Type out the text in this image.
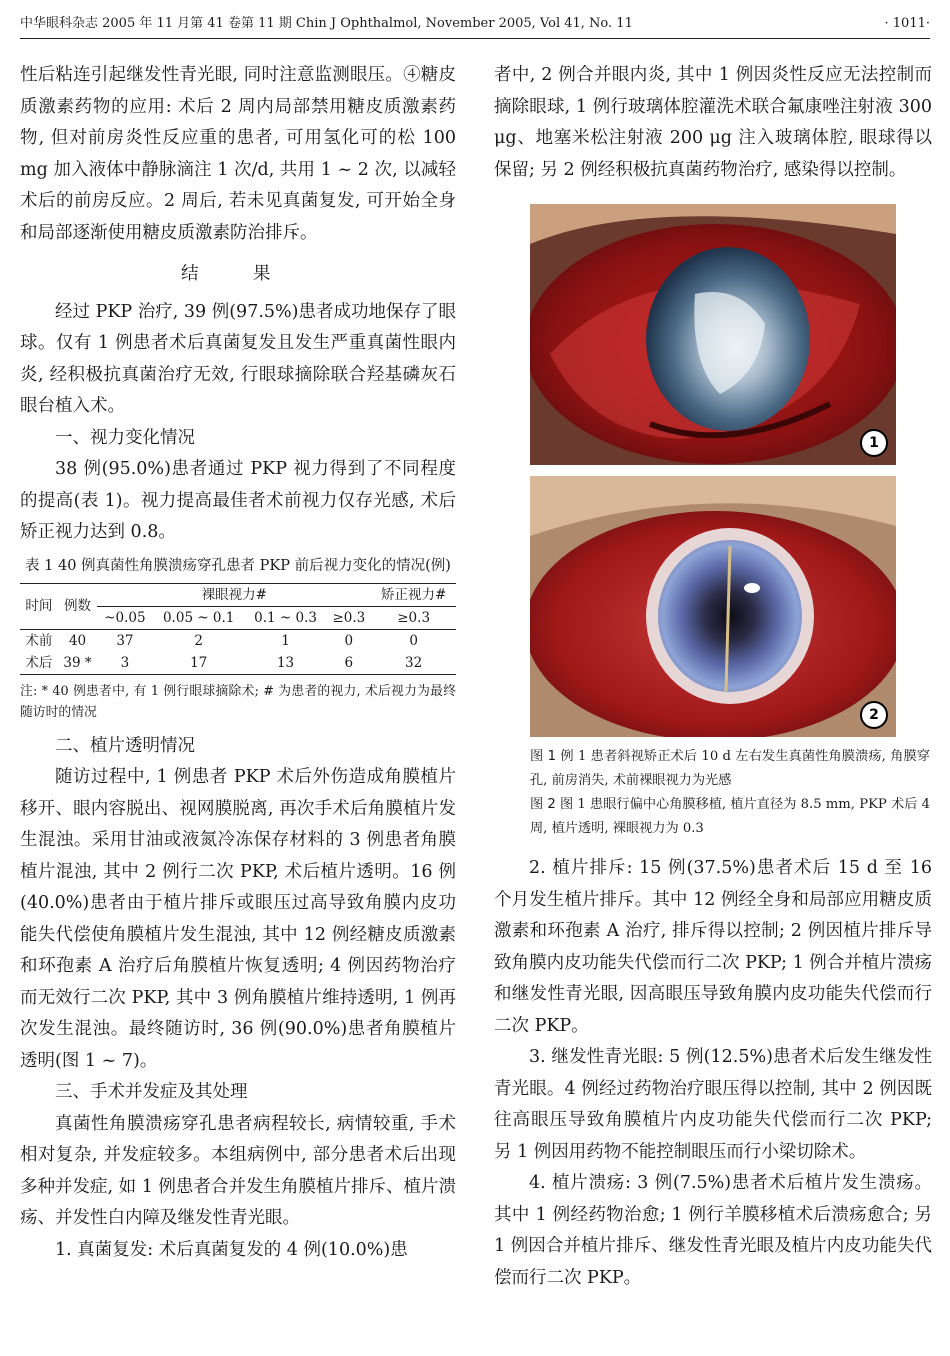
中华眼科杂志 2005 年 11 月第 41 卷第 11 期 Chin J Ophthalmol, November 2005, Vol 41, No. 11	· 1011·

性后粘连引起继发性青光眼, 同时注意监测眼压。④糖皮质激素药物的应用: 术后 2 周内局部禁用糖皮质激素药物, 但对前房炎性反应重的患者, 可用氢化可的松 100 mg 加入液体中静脉滴注 1 次/d, 共用 1 ~ 2 次, 以减轻术后的前房反应。2 周后, 若未见真菌复发, 可开始全身和局部逐渐使用糖皮质激素防治排斥。

结 果

经过 PKP 治疗, 39 例(97.5%)患者成功地保存了眼球。仅有 1 例患者术后真菌复发且发生严重真菌性眼内炎, 经积极抗真菌治疗无效, 行眼球摘除联合羟基磷灰石眼台植入术。

一、视力变化情况

38 例(95.0%)患者通过 PKP 视力得到了不同程度的提高(表 1)。视力提高最佳者术前视力仅存光感, 术后矫正视力达到 0.8。

表 1 40 例真菌性角膜溃疡穿孔患者 PKP 前后视力变化的情况(例)

时间	例数	裸眼视力#				矫正视力#
		~0.05	0.05 ~ 0.1	0.1 ~ 0.3	≥0.3	≥0.3
术前	40	37	2	1	0	0
术后	39 *	3	17	13	6	32

注: * 40 例患者中, 有 1 例行眼球摘除术; # 为患者的视力, 术后视力为最终随访时的情况

二、植片透明情况

随访过程中, 1 例患者 PKP 术后外伤造成角膜植片移开、眼内容脱出、视网膜脱离, 再次手术后角膜植片发生混浊。采用甘油或液氮冷冻保存材料的 3 例患者角膜植片混浊, 其中 2 例行二次 PKP, 术后植片透明。16 例(40.0%)患者由于植片排斥或眼压过高导致角膜内皮功能失代偿使角膜植片发生混浊, 其中 12 例经糖皮质激素和环孢素 A 治疗后角膜植片恢复透明; 4 例因药物治疗而无效行二次 PKP, 其中 3 例角膜植片维持透明, 1 例再次发生混浊。最终随访时, 36 例(90.0%)患者角膜植片透明(图 1 ~ 7)。

三、手术并发症及其处理

真菌性角膜溃疡穿孔患者病程较长, 病情较重, 手术相对复杂, 并发症较多。本组病例中, 部分患者术后出现多种并发症, 如 1 例患者合并发生角膜植片排斥、植片溃疡、并发性白内障及继发性青光眼。

1. 真菌复发: 术后真菌复发的 4 例(10.0%)患

者中, 2 例合并眼内炎, 其中 1 例因炎性反应无法控制而摘除眼球, 1 例行玻璃体腔灌洗术联合氟康唑注射液 300 μg、地塞米松注射液 200 μg 注入玻璃体腔, 眼球得以保留; 另 2 例经积极抗真菌药物治疗, 感染得以控制。

1
2

图 1 例 1 患者斜视矫正术后 10 d 左右发生真菌性角膜溃疡, 角膜穿孔, 前房消失, 术前裸眼视力为光感
图 2 图 1 患眼行偏中心角膜移植, 植片直径为 8.5 mm, PKP 术后 4 周, 植片透明, 裸眼视力为 0.3

2. 植片排斥: 15 例(37.5%)患者术后 15 d 至 16 个月发生植片排斥。其中 12 例经全身和局部应用糖皮质激素和环孢素 A 治疗, 排斥得以控制; 2 例因植片排斥导致角膜内皮功能失代偿而行二次 PKP; 1 例合并植片溃疡和继发性青光眼, 因高眼压导致角膜内皮功能失代偿而行二次 PKP。

3. 继发性青光眼: 5 例(12.5%)患者术后发生继发性青光眼。4 例经过药物治疗眼压得以控制, 其中 2 例因既往高眼压导致角膜植片内皮功能失代偿而行二次 PKP; 另 1 例因用药物不能控制眼压而行小梁切除术。

4. 植片溃疡: 3 例(7.5%)患者术后植片发生溃疡。其中 1 例经药物治愈; 1 例行羊膜移植术后溃疡愈合; 另 1 例因合并植片排斥、继发性青光眼及植片内皮功能失代偿而行二次 PKP。
